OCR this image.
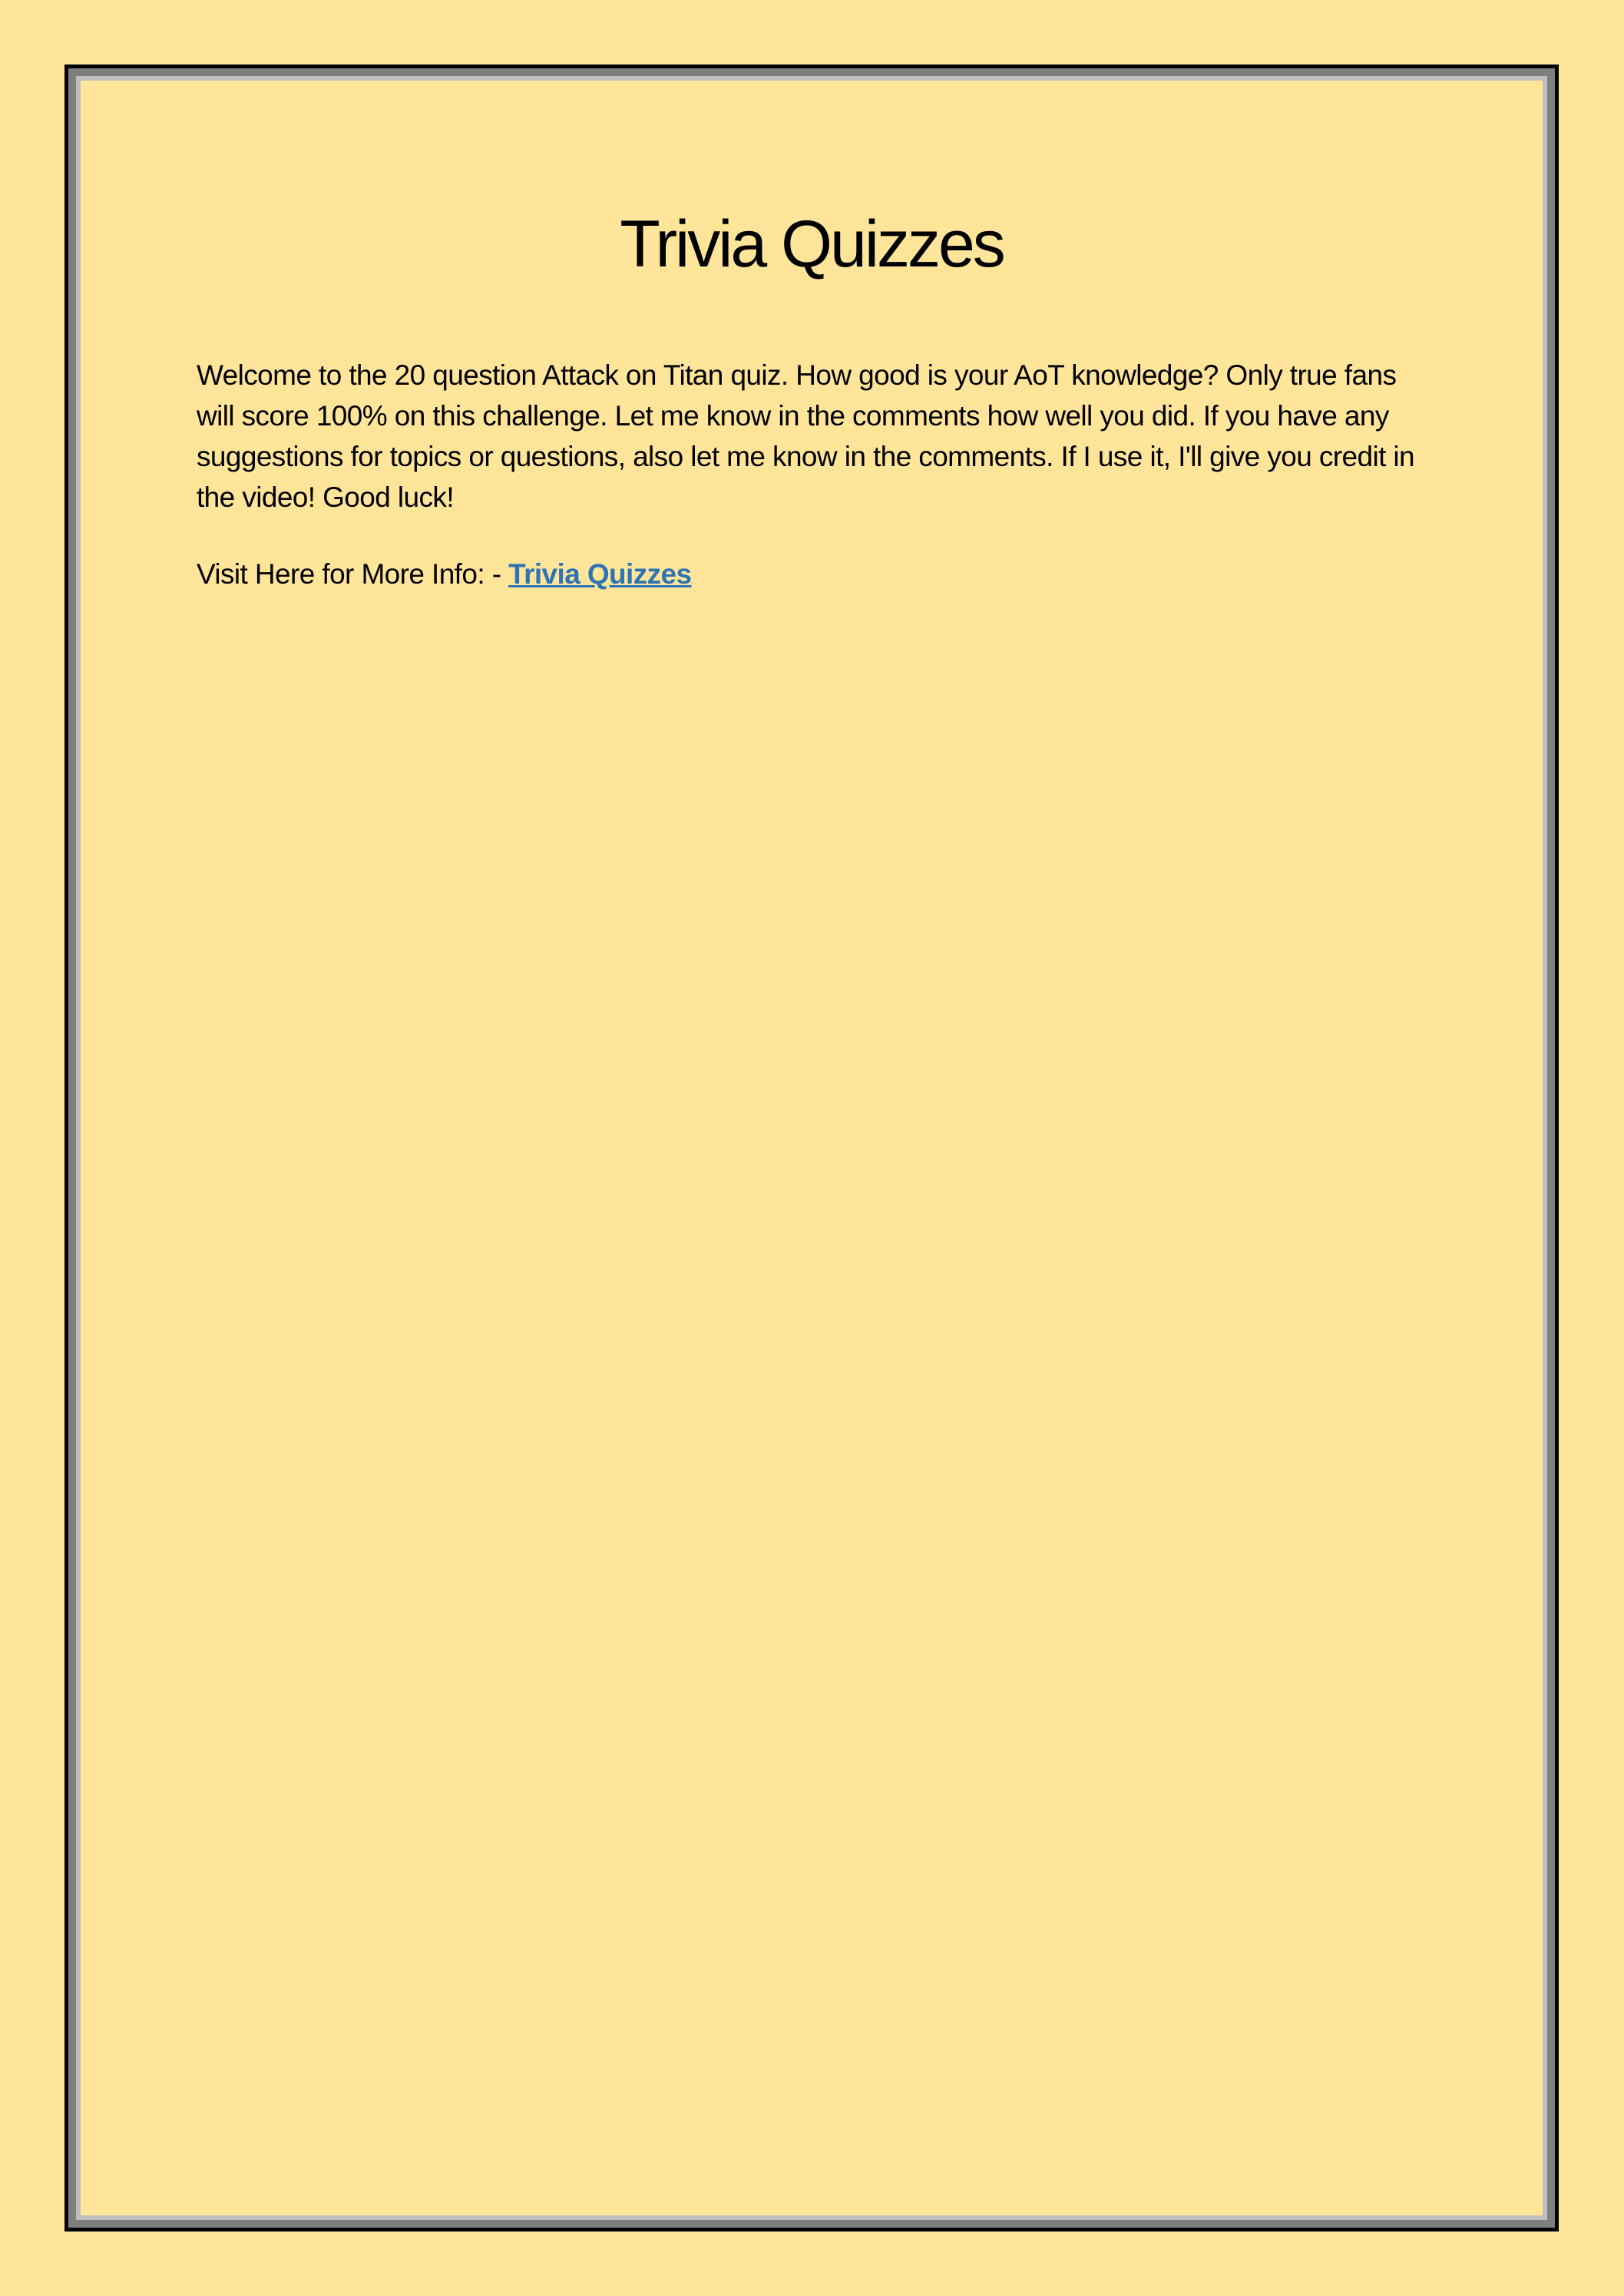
Trivia Quizzes

Welcome to the 20 question Attack on Titan quiz. How good is your AoT knowledge? Only true fans will score 100% on this challenge. Let me know in the comments how well you did. If you have any suggestions for topics or questions, also let me know in the comments. If I use it, I'll give you credit in the video! Good luck!

Visit Here for More Info: - Trivia Quizzes
